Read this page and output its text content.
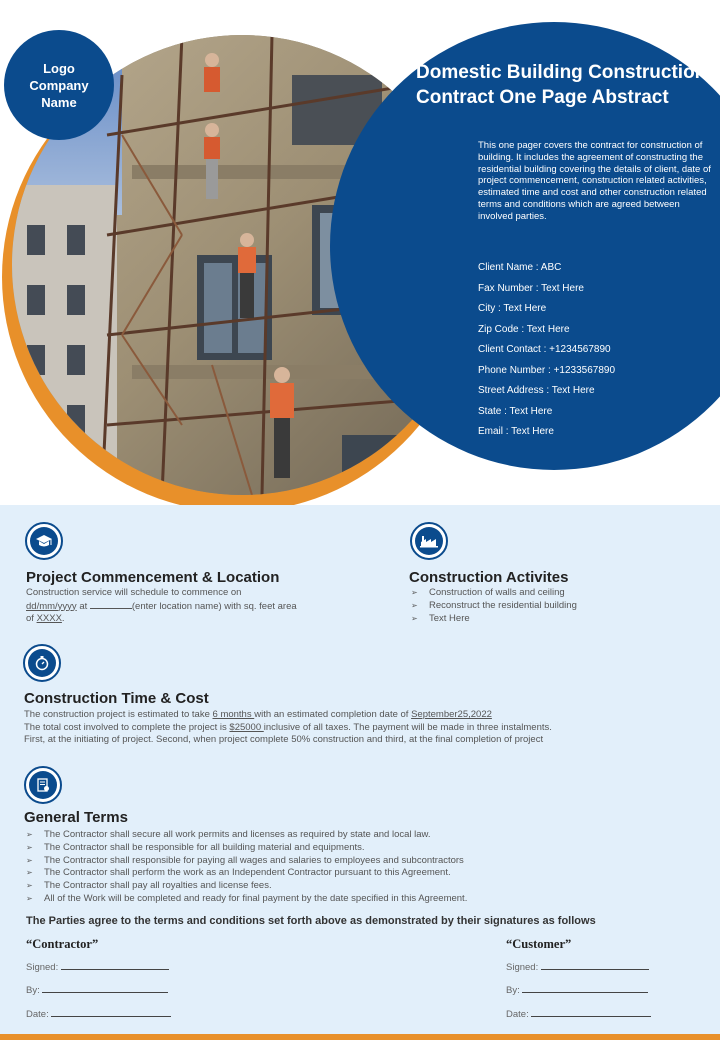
Logo
Company
Name
Domestic Building Construction Contract One Page Abstract
This one pager covers the contract for construction of building. It includes the agreement of constructing the residential building covering the details of client, date of project commencement, construction related activities, estimated time and cost and other construction related terms and conditions which are agreed between involved parties.
Client Name : ABC
Fax Number : Text Here
City : Text Here
Zip Code : Text Here
Client Contact : +1234567890
Phone Number : +1233567890
Street Address : Text Here
State : Text Here
Email : Text Here
Project Commencement & Location
Construction service will schedule to commence on
dd/mm/yyyy at	(enter location name) with sq. feet area
of XXXX.
Construction Activites
➢ Construction of walls and ceiling
➢ Reconstruct the residential building
➢ Text Here
Construction Time & Cost
The construction project is estimated to take 6 months with an estimated completion date of September25,2022
The total cost involved to complete the project is $25000 inclusive of all taxes. The payment will be made in three instalments.
First, at the initiating of project. Second, when project complete 50% construction and third, at the final completion of project
General Terms
➢ The Contractor shall secure all work permits and licenses as required by state and local law.
➢ The Contractor shall be responsible for all building material and equipments.
➢ The Contractor shall responsible for paying all wages and salaries to employees and subcontractors
➢ The Contractor shall perform the work as an Independent Contractor pursuant to this Agreement.
➢ The Contractor shall pay all royalties and license fees.
➢ All of the Work will be completed and ready for final payment by the date specified in this Agreement.
The Parties agree to the terms and conditions set forth above as demonstrated by their signatures as follows
“Contractor”
Signed:
By:
Date:
“Customer”
Signed:
By:
Date:
